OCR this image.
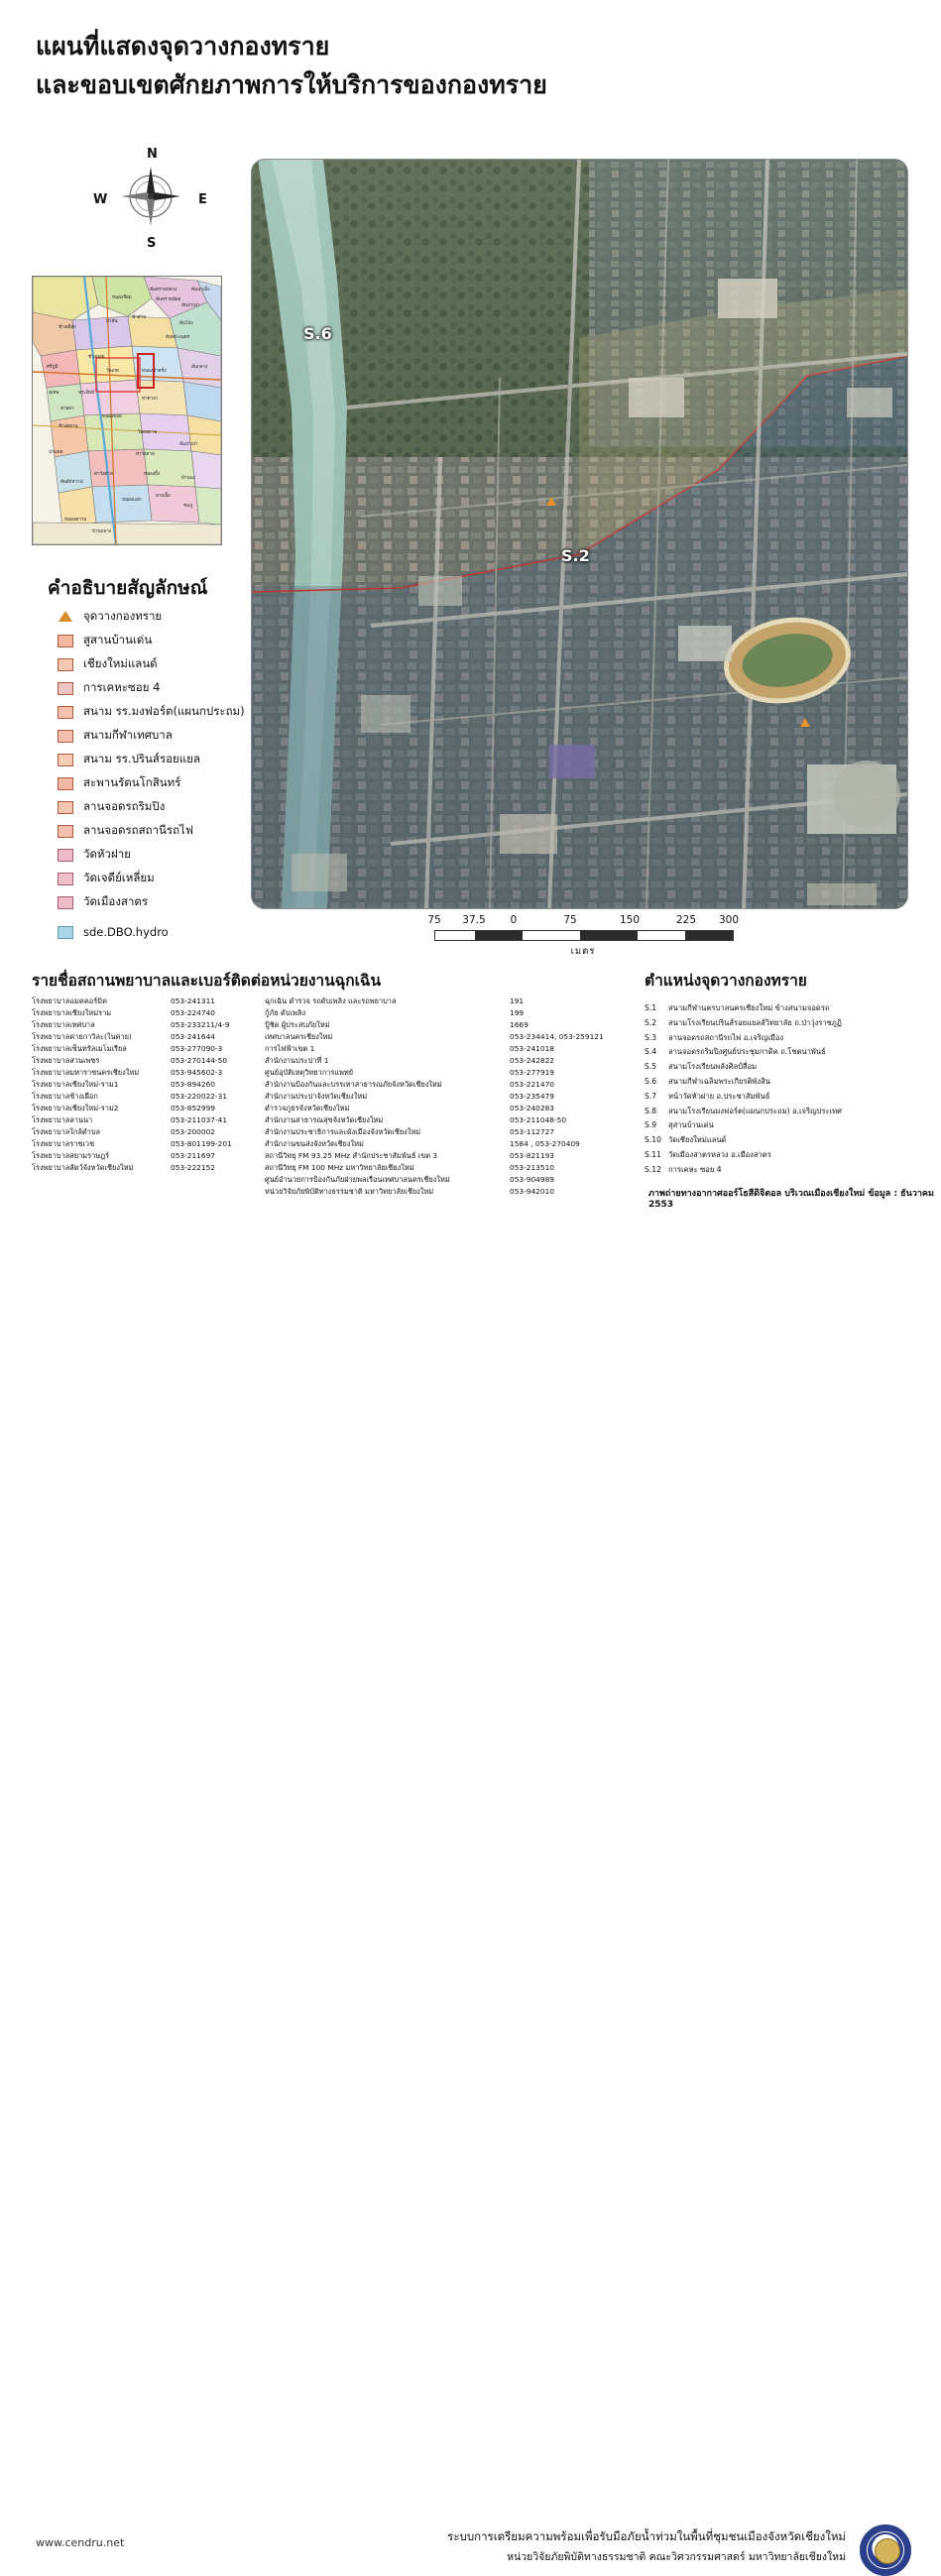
แผนที่แสดงจุดวางกองทราย
และขอบเขตศักยภาพการให้บริการของกองทราย
N
S
E
W
สันทรายหลวง
หนองจ๊อม	สันทรายน้อย
สันนาเม็ง
สันป่าเปา
ช้างเผือก
ป่าตัน
ฟ้าฮ่าม
สันโป่ง
สันพระเนตร
ศรีภูมิ
ช้างม่อย
วัดเกต	หนองป่าครั่ง
สันกลาง
สุเทพ	พระสิงห์
หายยา
ท่าศาลา
หนองหอย
ช้างคลาน
ป่าแดด
โยธสถาน
ท่าวังตาล
สันป่าเปา
สันผักหวาน
ท่าวังตาล	หนองผึ้ง
บ้านบง
หนองแฝก
ยางเนิ้ง
ชมภู
หนองควาย
บ้านกลาง
คำอธิบายสัญลักษณ์
จุดวางกองทราย
สูสานบ้านเด่น
เชียงใหม่แลนด์
การเคหะซอย 4
สนาม รร.มงฟอร์ต(แผนกประถม)
สนามกีฬาเทศบาล
สนาม รร.ปรินส์รอยแยล
สะพานรัตนโกสินทร์
ลานจอดรถริมปิง
ลานจอดรถสถานีรถไฟ
วัดหัวฝาย
วัดเจดีย์เหลี่ยม
วัดเมืองสาตร
sde.DBO.hydro
S.6
S.2
75 37.5 0	75	150	225 300
เมตร
รายชื่อสถานพยาบาลและเบอร์ติดต่อหน่วยงานฉุกเฉิน
โรงพยาบาลแมคคอร์มิค	053-241311
โรงพยาบาลเชียงใหม่ราม	053-224740
โรงพยาบาลเทศบาล	053-233211/4-9
โรงพยาบาลค่ายกาวิละ(ในค่าย)	053-241644
โรงพยาบาลเซ็นทรัลเมโมเรียล	053-277090-3
โรงพยาบาลสวนเพชร	053-270144-50
โรงพยาบาลมหาราชนครเชียงใหม่	053-945602-3
โรงพยาบาลเชียงใหม่-ราม1	053-894260
โรงพยาบาลช้างเผือก	053-220022-31
โรงพยาบาลเชียงใหม่-ราม2	053-852999
โรงพยาบาลลานนา	053-211037-41
โรงพยาบาลใกล้ตำบล	053-200002
โรงพยาบาลราชเวช	053-801199-201
โรงพยาบาลสยามราษฎร์	053-211697
โรงพยาบาลสัตว์จังหวัดเชียงใหม่	053-222152
ฉุกเฉิน ตำรวจ รถดับเพลิง และรถพยาบาล	191
กู้ภัย ดับเพลิง	199
ปู้ชิด ผู้ประสบภัยใหม่	1669
เทศบาลนครเชียงใหม่	053-234414, 053-259121
การไฟฟ้าเขต 1	053-241018
สำนักงานประปาที่ 1	053-242822
ศูนย์อุบัติเหตุวิทยาการแพทย์	053-277919
สำนักงานป้องกันและบรรเทาสาธารณภัยจังหวัดเชียงใหม่	053-221470
สำนักงานประปาจังหวัดเชียงใหม่	053-235479
ตำรวจภูธรจังหวัดเชียงใหม่	053-240283
สำนักงานสาธารณสุขจังหวัดเชียงใหม่	053-211048-50
สำนักงานประชาธิการและผังเมืองจังหวัดเชียงใหม่	053-112727
สำนักงานขนส่งจังหวัดเชียงใหม่	1584 , 053-270409
สถานีวิทยุ FM 93.25 MHz สำนักประชาสัมพันธ์ เขต 3	053-821193
สถานีวิทยุ FM 100 MHz มหาวิทยาลัยเชียงใหม่	053-213510
ศูนย์อำนวยการป้องกันภัยฝ่ายพลเรือนเทศบาลนครเชียงใหม่	053-904989
หน่วยวิจัยภัยพิบัติทางธรรมชาติ มหาวิทยาลัยเชียงใหม่	053-942010
ตำแหน่งจุดวางกองทราย
S.1	สนามกีฬานครบาลนครเชียงใหม่ ข้างสนามจอดรถ
S.2	สนามโรงเรียนปรินส์รอยแยลส์วิทยาลัย ถ.ป่าวุ่งราชภูฏิ
S.3	ลานจอดรถสถานีรถไฟ อ.เจริญเมือง
S.4	ลานจอดรถริมปิงศูนย์ประชุมกาดิค ถ.โชตนาพันธ์
S.5	สนามโรงเรียนพลังศิลป์ลื่อม
S.6	สนามกีฬาเฉลิมพระเกียรติพังสิน
S.7	หน้าวัดหัวฝาย อ.ประชาสัมพันธ์
S.8	สนามโรงเรียนมงฟอร์ต(แผนกประถม) อ.เจริญประเทศ
S.9	สุสานบ้านเด่น
S.10 วัดเชียงใหม่แลนด์
S.11 วัดเมืองสาตรหลวง อ.เมืองสาตร
S.12 การเคหะ ซอย 4
ภาพถ่ายทางอากาศออร์โธสีดิจิตอล บริเวณเมืองเชียงใหม่ ข้อมูล : ธันวาคม 2553
www.cendru.net	ระบบการเตรียมความพร้อมเพื่อรับมือภัยน้ำท่วมในพื้นที่ชุมชนเมืองจังหวัดเชียงใหม่
หน่วยวิจัยภัยพิบัติทางธรรมชาติ คณะวิศวกรรมศาสตร์ มหาวิทยาลัยเชียงใหม่
